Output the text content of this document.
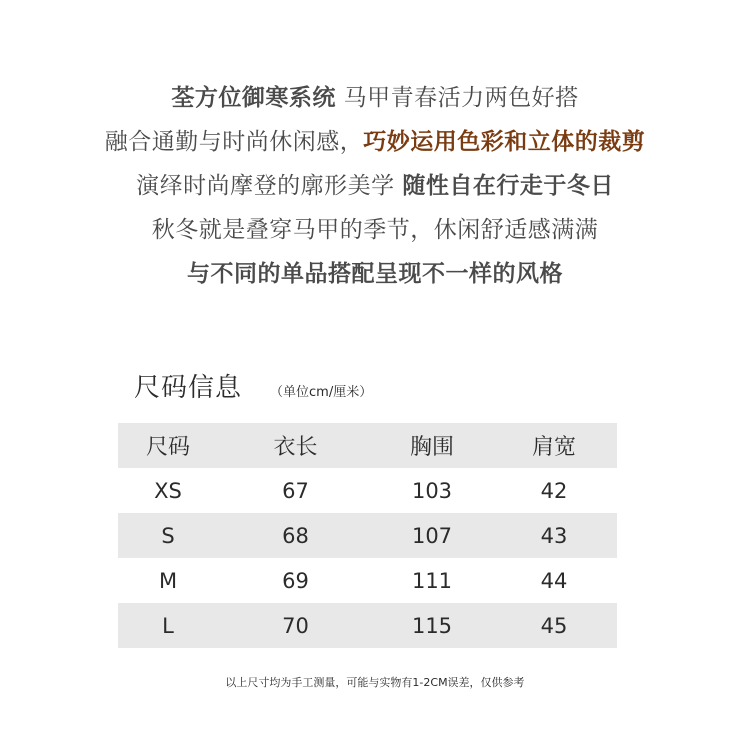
荃方位御寒系统 马甲青春活力两色好搭
融合通勤与时尚休闲感，巧妙运用色彩和立体的裁剪
演绎时尚摩登的廓形美学 随性自在行走于冬日
秋冬就是叠穿马甲的季节，休闲舒适感满满
与不同的单品搭配呈现不一样的风格
尺码信息 （单位cm/厘米）
尺码	衣长	胸围	肩宽
XS	67	103	42
S	68	107	43
M	69	111	44
L	70	115	45
以上尺寸均为手工测量，可能与实物有1-2CM误差，仅供参考
